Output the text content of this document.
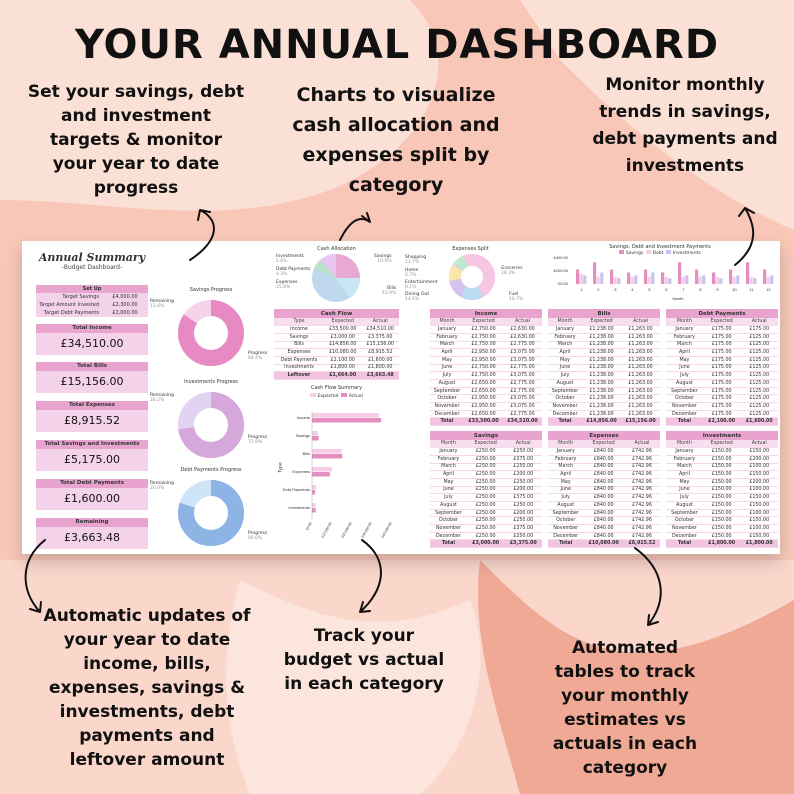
YOUR ANNUAL DASHBOARD
Set your savings, debt and investment targets & monitor your year to date progress
Charts to visualize cash allocation and expenses split by category
Monitor monthly trends in savings, debt payments and investments
Automatic updates of your year to date income, bills, expenses, savings & investments, debt payments and leftover amount
Track your budget vs actual in each category
Automated tables to track your monthly estimates vs actuals in each category
Annual Summary
-Budget Dashboard-
Set Up
Target Savings	£4,000.00
Target Amount Invested	£2,300.00
Target Debt Payments	£2,000.00
Total Income
£34,510.00
Total Bills
£15,156.00
Total Expenses
£8,915.52
Total Savings and Investments
£5,175.00
Total Debt Payments
£1,600.00
Remaining
£3,663.48
Savings Progress
Remaining
13.6%
Progress
84.4%
Investments Progress
Remaining
28.2%
Progress
72.8%
Debt Payments Progress
Remaining
20.0%
Progress
80.0%
Cash Allocation
Investments
5.8%
Debt Payments
4.3%
Expenses
25.8%
Savings
10.9%
Bills
43.9%
Cash Flow		
Type	Expected	Actual
Income	£33,500.00	£34,510.00
Savings	£3,000.00	£3,375.00
Bills	£14,856.00	£15,156.00
Expenses	£10,080.00	£8,915.52
Debt Payments	£2,100.00	£1,600.00
Investments	£1,800.00	£1,800.00
Leftover	£1,664.00	£3,663.48
Cash Flow Summary
Expected Actual
Type
Income
Savings
Bills
Expenses
Debt Payments
Investments
£0.00 £10,000.00 £20,000.00 £30,000.00 £40,000.00
Expenses Split
Shopping
11.7%
Home
6.7%
Entertainment
8.1%
Dining Out
14.6%
Groceries
28.3%
Fuel
16.7%
Savings, Debt and Investment Payments
Savings Debt Investments
£400.00
£200.00
£0.00
1	2	3	4	5	6	7	8	9	10	11	12
Month
Income		
Month	Expected	Actual
January	£2,750.00	£2,630.00
February	£2,750.00	£2,630.00
March	£2,750.00	£2,775.00
April	£2,950.00	£3,075.00
May	£2,950.00	£3,075.00
June	£2,750.00	£2,775.00
July	£2,750.00	£3,075.00
August	£2,650.00	£2,775.00
September	£2,650.00	£2,775.00
October	£2,950.00	£3,075.00
November	£2,950.00	£3,075.00
December	£2,650.00	£2,775.00
Total	£33,500.00	£34,510.00
Bills		
Month	Expected	Actual
January	£1,238.00	£1,263.00
February	£1,238.00	£1,263.00
March	£1,238.00	£1,263.00
April	£1,238.00	£1,263.00
May	£1,238.00	£1,263.00
June	£1,238.00	£1,263.00
July	£1,238.00	£1,263.00
August	£1,238.00	£1,263.00
September	£1,238.00	£1,263.00
October	£1,238.00	£1,263.00
November	£1,238.00	£1,263.00
December	£1,238.00	£1,263.00
Total	£14,856.00	£15,156.00
Debt Payments		
Month	Expected	Actual
January	£175.00	£175.00
February	£175.00	£125.00
March	£175.00	£125.00
April	£175.00	£125.00
May	£175.00	£125.00
June	£175.00	£125.00
July	£175.00	£125.00
August	£175.00	£125.00
September	£175.00	£125.00
October	£175.00	£125.00
November	£175.00	£125.00
December	£175.00	£125.00
Total	£2,100.00	£1,600.00
Savings		
Month	Expected	Actual
January	£250.00	£250.00
February	£250.00	£375.00
March	£250.00	£250.00
April	£250.00	£200.00
May	£250.00	£250.00
June	£250.00	£200.00
July	£250.00	£375.00
August	£250.00	£250.00
September	£250.00	£200.00
October	£250.00	£250.00
November	£250.00	£375.00
December	£250.00	£250.00
Total	£3,000.00	£3,375.00
Expenses		
Month	Expected	Actual
January	£840.00	£742.96
February	£840.00	£742.96
March	£840.00	£742.96
April	£840.00	£742.96
May	£840.00	£742.96
June	£840.00	£742.96
July	£840.00	£742.96
August	£840.00	£742.96
September	£840.00	£742.96
October	£840.00	£742.96
November	£840.00	£742.96
December	£840.00	£742.96
Total	£10,080.00	£8,915.52
Investments		
Month	Expected	Actual
January	£150.00	£150.00
February	£150.00	£200.00
March	£150.00	£100.00
April	£150.00	£150.00
May	£150.00	£200.00
June	£150.00	£100.00
July	£150.00	£150.00
August	£150.00	£150.00
September	£150.00	£100.00
October	£150.00	£150.00
November	£150.00	£100.00
December	£150.00	£150.00
Total	£1,800.00	£1,800.00
